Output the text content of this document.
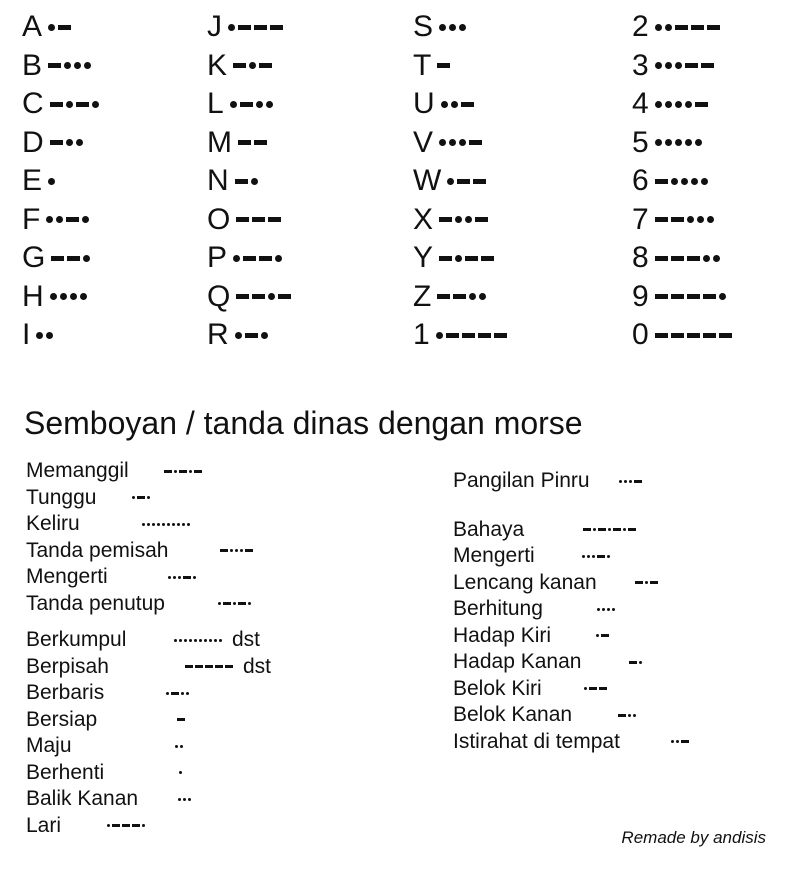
A
B
C
D
E
F
G
H
I
J
K
L
M
N
O
P
Q
R
S
T
U
V
W
X
Y
Z
1
2
3
4
5
6
7
8
9
0
Semboyan / tanda dinas dengan morse
Memanggil
Tunggu
Keliru
Tanda pemisah
Mengerti
Tanda penutup
Berkumpul	dst
Berpisah	dst
Berbaris
Bersiap
Maju
Berhenti
Balik Kanan
Lari
Pangilan Pinru
Bahaya
Mengerti
Lencang kanan
Berhitung
Hadap Kiri
Hadap Kanan
Belok Kiri
Belok Kanan
Istirahat di tempat
Remade by andisis
